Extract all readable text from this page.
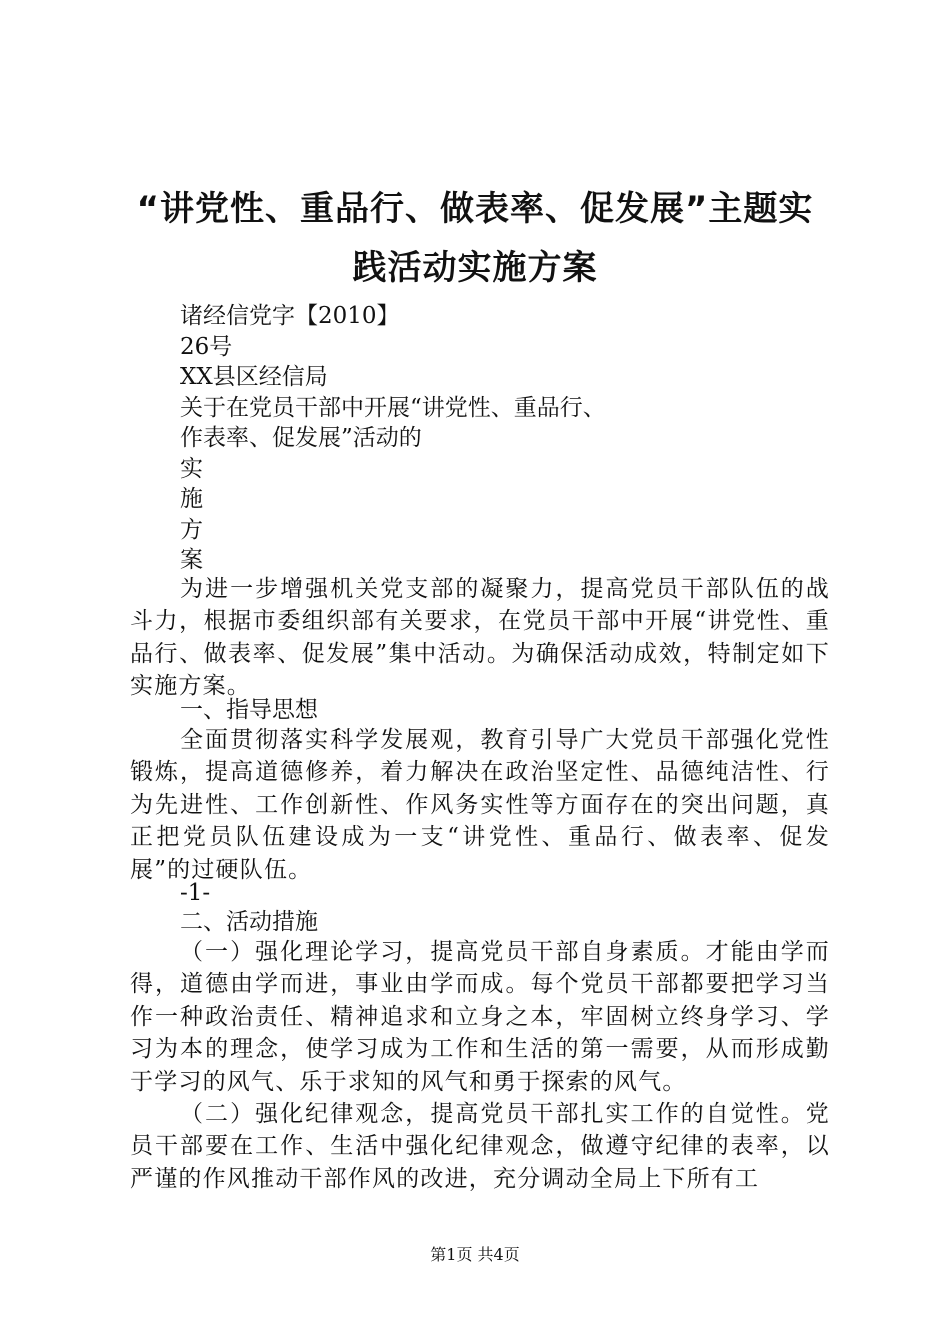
“讲党性、重品行、做表率、促发展”主题实
践活动实施方案
诸经信党字【2010】
26号
XX县区经信局
关于在党员干部中开展“讲党性、重品行、
作表率、促发展”活动的
实
施
方
案
为进一步增强机关党支部的凝聚力，提高党员干部队伍的战斗力，根据市委组织部有关要求，在党员干部中开展“讲党性、重品行、做表率、促发展”集中活动。为确保活动成效，特制定如下实施方案。
一、指导思想
全面贯彻落实科学发展观，教育引导广大党员干部强化党性锻炼，提高道德修养，着力解决在政治坚定性、品德纯洁性、行为先进性、工作创新性、作风务实性等方面存在的突出问题，真正把党员队伍建设成为一支“讲党性、重品行、做表率、促发展”的过硬队伍。
-1-
二、活动措施
（一）强化理论学习，提高党员干部自身素质。才能由学而得，道德由学而进，事业由学而成。每个党员干部都要把学习当作一种政治责任、精神追求和立身之本，牢固树立终身学习、学习为本的理念，使学习成为工作和生活的第一需要，从而形成勤于学习的风气、乐于求知的风气和勇于探索的风气。
（二）强化纪律观念，提高党员干部扎实工作的自觉性。党员干部要在工作、生活中强化纪律观念，做遵守纪律的表率，以严谨的作风推动干部作风的改进，充分调动全局上下所有工
第1页 共4页
